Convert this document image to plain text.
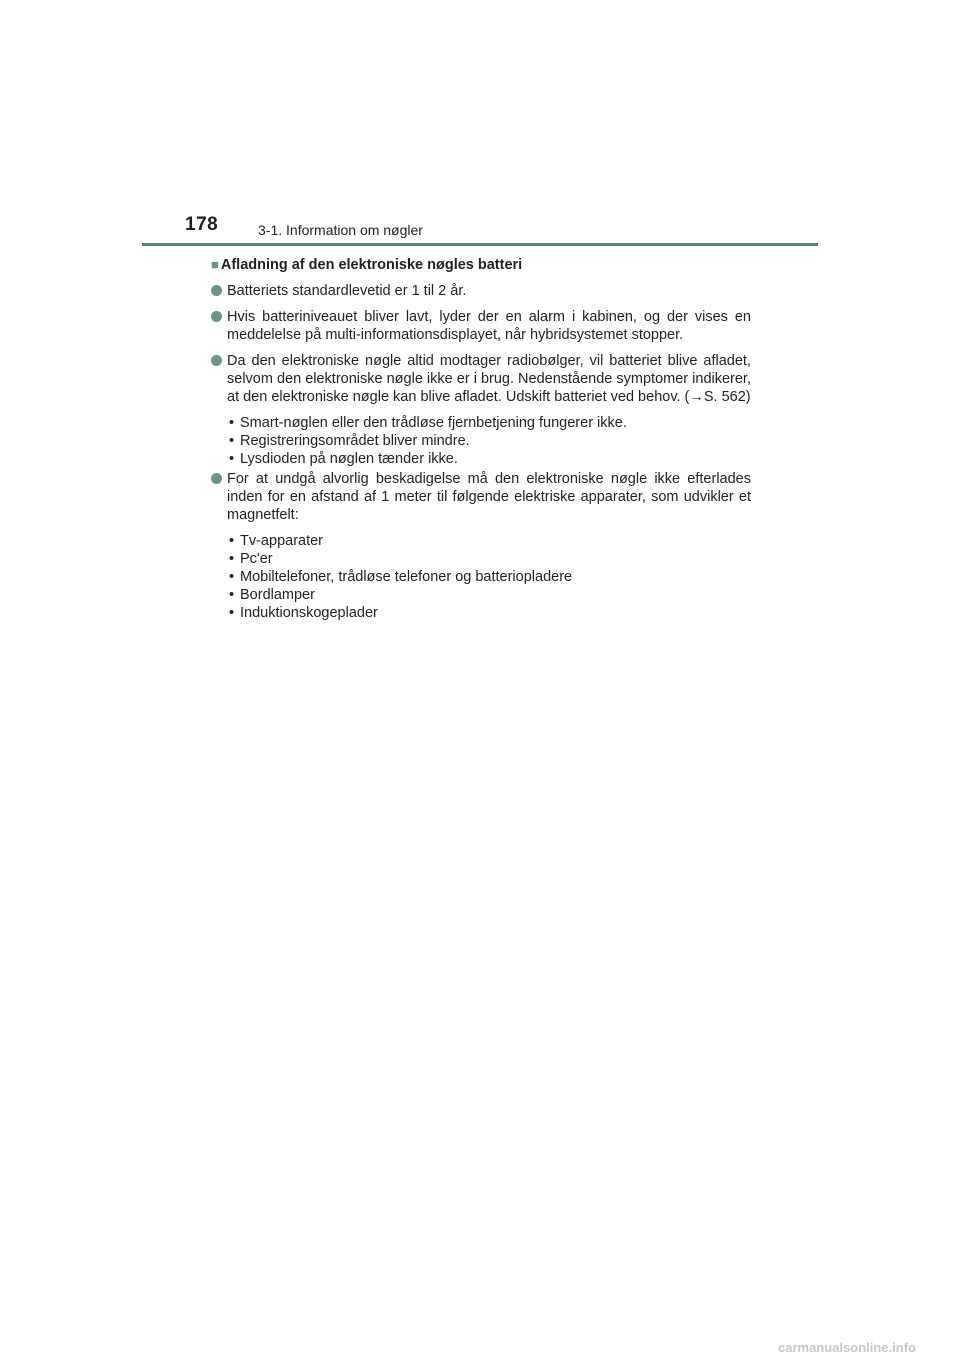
178	3-1. Information om nøgler
■ Afladning af den elektroniske nøgles batteri
Batteriets standardlevetid er 1 til 2 år.
Hvis batteriniveauet bliver lavt, lyder der en alarm i kabinen, og der vises en meddelelse på multi-informationsdisplayet, når hybridsystemet stopper.
Da den elektroniske nøgle altid modtager radiobølger, vil batteriet blive afladet, selvom den elektroniske nøgle ikke er i brug. Nedenstående symptomer indikerer, at den elektroniske nøgle kan blive afladet. Udskift batteriet ved behov. (→S. 562)
• Smart-nøglen eller den trådløse fjernbetjening fungerer ikke.
• Registreringsområdet bliver mindre.
• Lysdioden på nøglen tænder ikke.
For at undgå alvorlig beskadigelse må den elektroniske nøgle ikke efterlades inden for en afstand af 1 meter til følgende elektriske apparater, som udvikler et magnetfelt:
• Tv-apparater
• Pc'er
• Mobiltelefoner, trådløse telefoner og batteriopladere
• Bordlamper
• Induktionskogeplader
carmanualsonline.info
